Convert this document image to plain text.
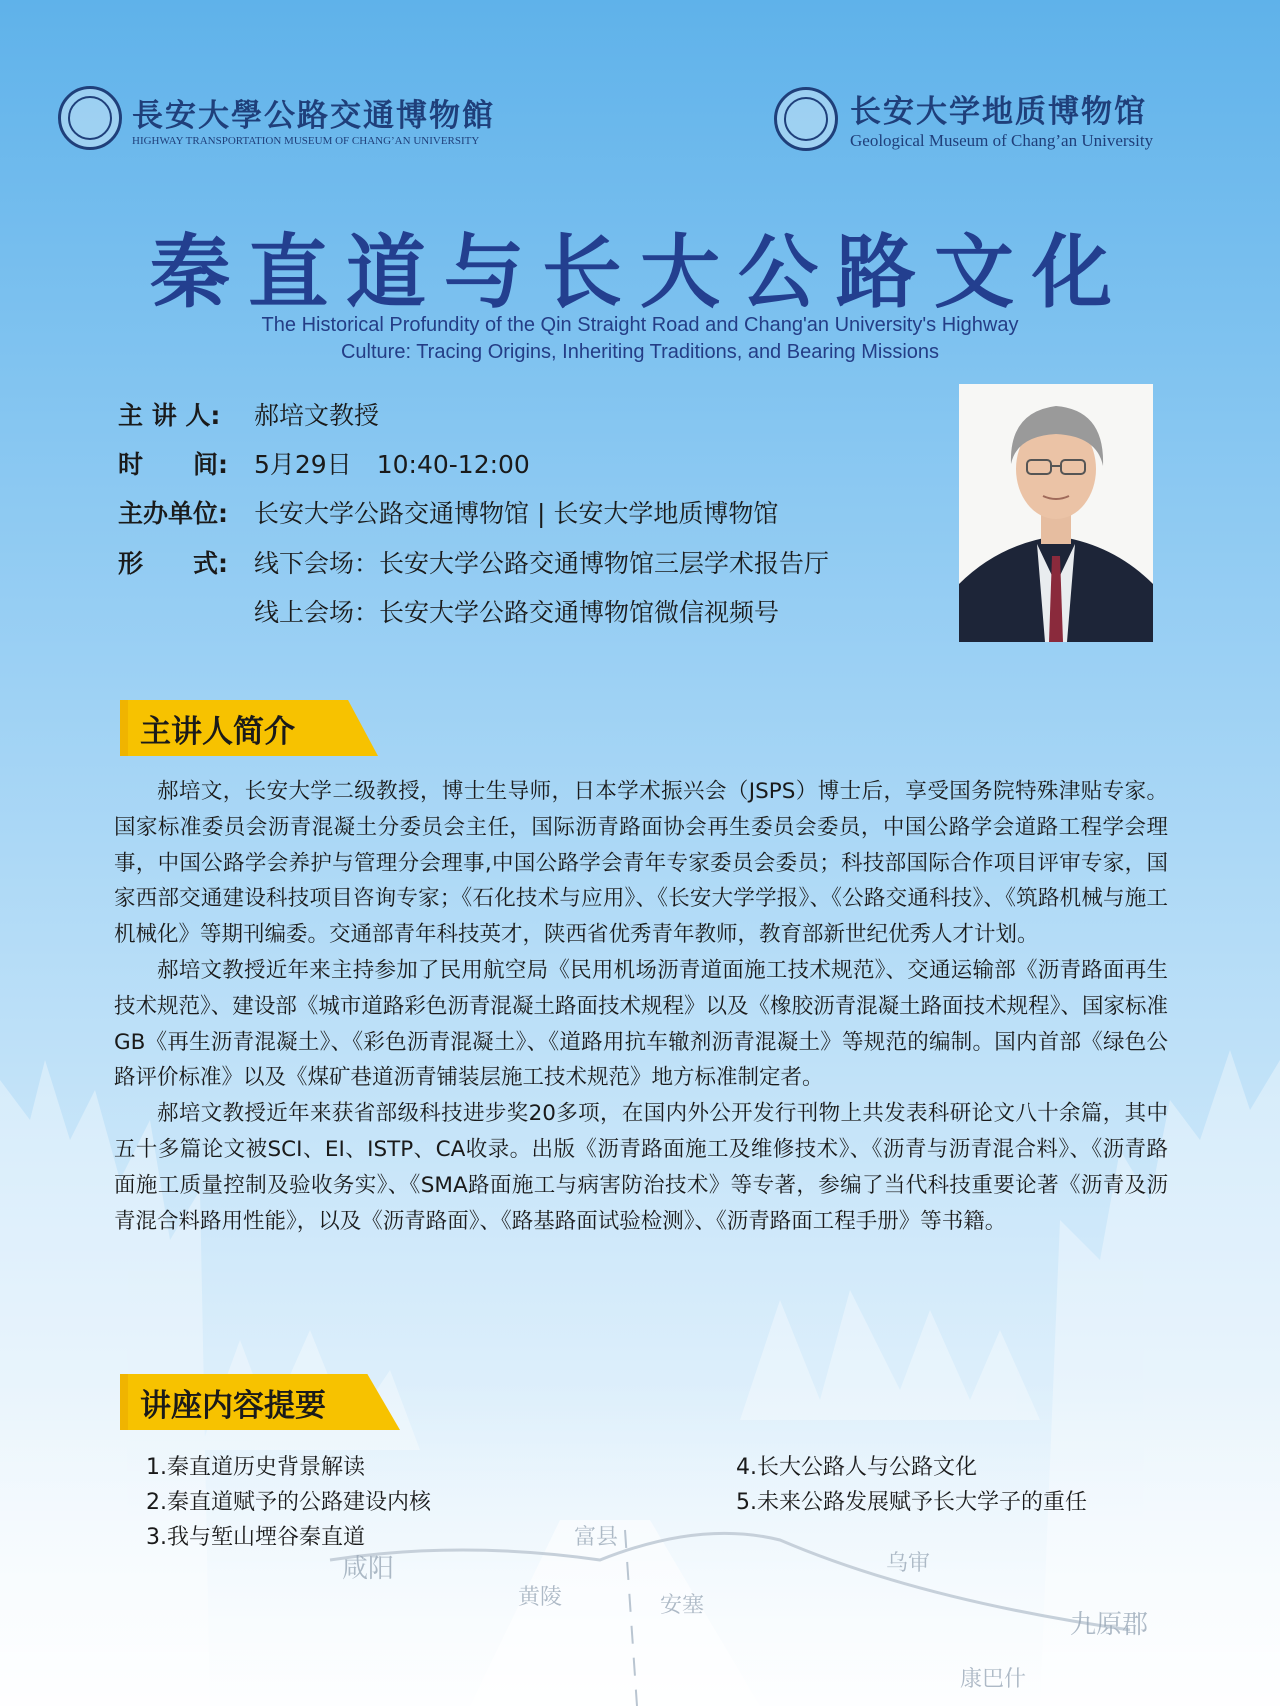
咸阳
黄陵
富县
安塞
乌审
九原郡
康巴什
長安大學公路交通博物館
HIGHWAY TRANSPORTATION MUSEUM OF CHANG’AN UNIVERSITY
长安大学地质博物馆
Geological Museum of Chang’an University
秦直道与长大公路文化
The Historical Profundity of the Qin Straight Road and Chang'an University's Highway
Culture: Tracing Origins, Inheriting Traditions, and Bearing Missions
主 讲 人: 郝培文教授
时　　间: 5月29日　10:40-12:00
主办单位: 长安大学公路交通博物馆 | 长安大学地质博物馆
形　　式: 线下会场：长安大学公路交通博物馆三层学术报告厅
线上会场：长安大学公路交通博物馆微信视频号
主讲人简介

郝培文，长安大学二级教授，博士生导师，日本学术振兴会（JSPS）博士后，享受国务院特殊津贴专家。国家标准委员会沥青混凝土分委员会主任，国际沥青路面协会再生委员会委员，中国公路学会道路工程学会理事，中国公路学会养护与管理分会理事,中国公路学会青年专家委员会委员；科技部国际合作项目评审专家，国家西部交通建设科技项目咨询专家；《石化技术与应用》、《长安大学学报》、《公路交通科技》、《筑路机械与施工机械化》等期刊编委。交通部青年科技英才，陕西省优秀青年教师，教育部新世纪优秀人才计划。

郝培文教授近年来主持参加了民用航空局《民用机场沥青道面施工技术规范》、交通运输部《沥青路面再生技术规范》、建设部《城市道路彩色沥青混凝土路面技术规程》以及《橡胶沥青混凝土路面技术规程》、国家标准GB《再生沥青混凝土》、《彩色沥青混凝土》、《道路用抗车辙剂沥青混凝土》等规范的编制。国内首部《绿色公路评价标准》以及《煤矿巷道沥青铺装层施工技术规范》地方标准制定者。

郝培文教授近年来获省部级科技进步奖20多项，在国内外公开发行刊物上共发表科研论文八十余篇，其中五十多篇论文被SCI、EI、ISTP、CA收录。出版《沥青路面施工及维修技术》、《沥青与沥青混合料》、《沥青路面施工质量控制及验收务实》、《SMA路面施工与病害防治技术》等专著，参编了当代科技重要论著《沥青及沥青混合料路用性能》，以及《沥青路面》、《路基路面试验检测》、《沥青路面工程手册》等书籍。

讲座内容提要
1.秦直道历史背景解读
2.秦直道赋予的公路建设内核
3.我与堑山堙谷秦直道
4.长大公路人与公路文化
5.未来公路发展赋予长大学子的重任
